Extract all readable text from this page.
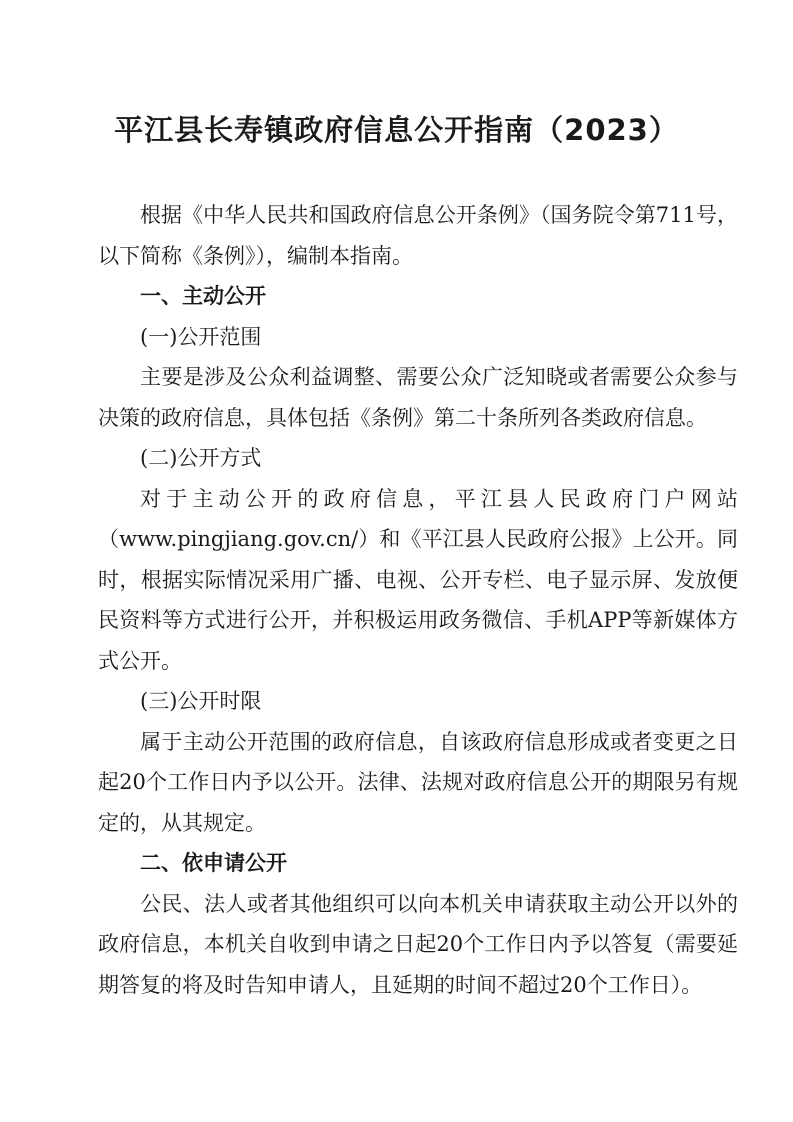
平江县长寿镇政府信息公开指南（2023）

根据《中华人民共和国政府信息公开条例》（国务院令第711号，以下简称《条例》），编制本指南。

一、主动公开

(一)公开范围

主要是涉及公众利益调整、需要公众广泛知晓或者需要公众参与决策的政府信息，具体包括《条例》第二十条所列各类政府信息。

(二)公开方式

对于主动公开的政府信息，平江县人民政府门户网站（www.pingjiang.gov.cn/）和《平江县人民政府公报》上公开。同时，根据实际情况采用广播、电视、公开专栏、电子显示屏、发放便民资料等方式进行公开，并积极运用政务微信、手机APP等新媒体方式公开。

(三)公开时限

属于主动公开范围的政府信息，自该政府信息形成或者变更之日起20个工作日内予以公开。法律、法规对政府信息公开的期限另有规定的，从其规定。

二、依申请公开

公民、法人或者其他组织可以向本机关申请获取主动公开以外的政府信息，本机关自收到申请之日起20个工作日内予以答复（需要延期答复的将及时告知申请人，且延期的时间不超过20个工作日）。
